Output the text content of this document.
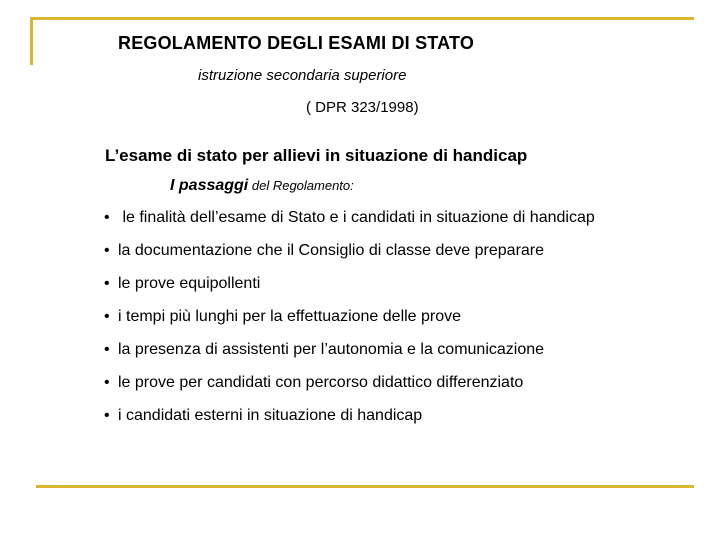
REGOLAMENTO DEGLI ESAMI DI STATO
istruzione secondaria superiore
( DPR 323/1998)
L’esame di stato per allievi in situazione di handicap
I passaggi del Regolamento:
• le finalità dell’esame di Stato e i candidati in situazione di handicap
• la documentazione che il Consiglio di classe deve preparare
• le prove equipollenti
• i tempi più lunghi per la effettuazione delle prove
• la presenza di assistenti per l’autonomia e la comunicazione
• le prove per candidati con percorso didattico differenziato
• i candidati esterni in situazione di handicap
